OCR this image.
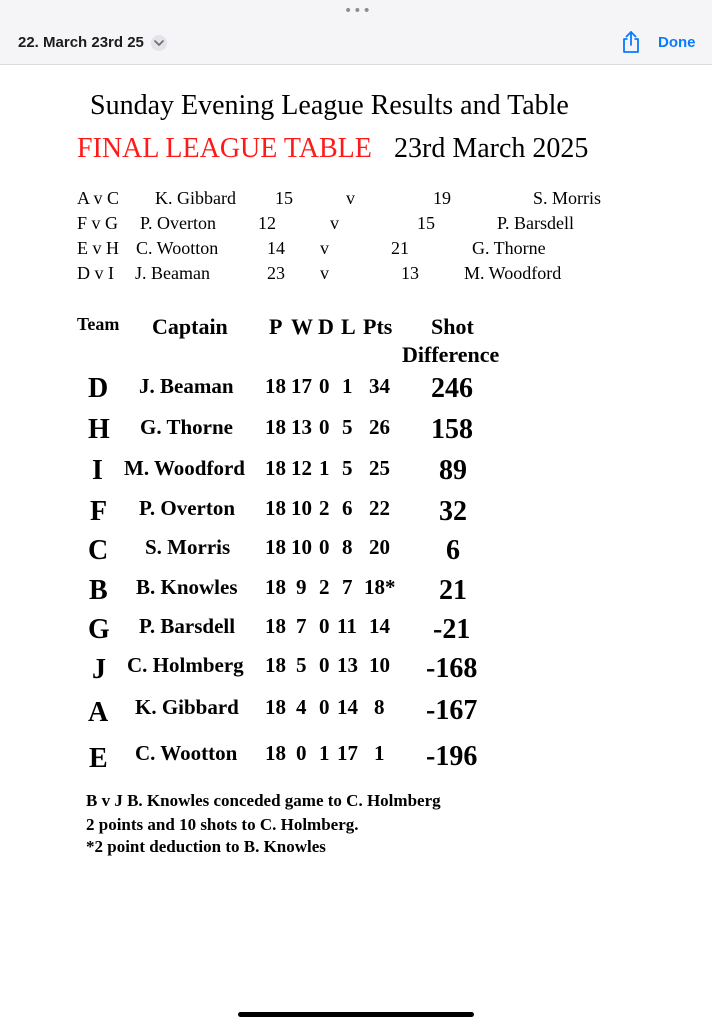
•••
22. March 23rd 25	Done
Sunday Evening League Results and Table
FINAL LEAGUE TABLE 23rd March 2025
A v C K. Gibbard 15	v	19	S. Morris
F v G P. Overton 12	v	15	P. Barsdell
E v H C. Wootton	14 v	21	G. Thorne
D v I J. Beaman	23 v	13	M. Woodford
Team Captain P W D L Pts Shot
Difference
D J. Beaman 18 17 0 1 34 246
H G. Thorne 18 13 0 5 26 158
I M. Woodford 18 12 1 5 25 89
F P. Overton 18 10 2 6 22 32
C S. Morris 18 10 0 8 20 6
B B. Knowles 18 9 2 7 18* 21
G P. Barsdell 18 7 0 11 14 -21
J C. Holmberg 18 5 0 13 10 -168
A K. Gibbard 18 4 0 14 8 -167
E C. Wootton 18 0 1 17 1 -196
B v J B. Knowles conceded game to C. Holmberg
2 points and 10 shots to C. Holmberg.
*2 point deduction to B. Knowles
